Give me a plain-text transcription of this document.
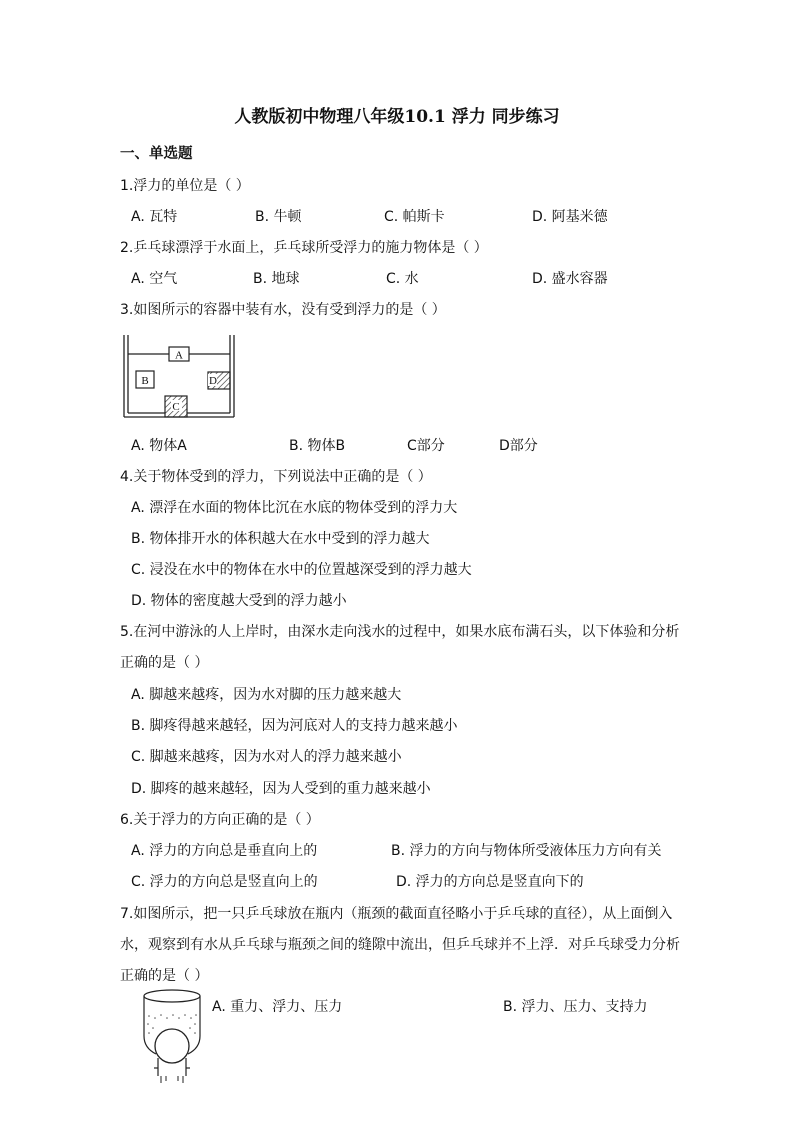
人教版初中物理八年级10.1 浮力 同步练习
一、单选题
1.浮力的单位是（ ）
A. 瓦特	B. 牛顿	C. 帕斯卡	D. 阿基米德
2.乒乓球漂浮于水面上，乒乓球所受浮力的施力物体是（ ）
A. 空气	B. 地球	C. 水	D. 盛水容器
3.如图所示的容器中装有水，没有受到浮力的是（ ）
A
B	D
C
A. 物体A	B. 物体B	C部分	D部分
4.关于物体受到的浮力，下列说法中正确的是（ ）
A. 漂浮在水面的物体比沉在水底的物体受到的浮力大
B. 物体排开水的体积越大在水中受到的浮力越大
C. 浸没在水中的物体在水中的位置越深受到的浮力越大
D. 物体的密度越大受到的浮力越小
5.在河中游泳的人上岸时，由深水走向浅水的过程中，如果水底布满石头，以下体验和分析
正确的是（ ）
A. 脚越来越疼，因为水对脚的压力越来越大
B. 脚疼得越来越轻，因为河底对人的支持力越来越小
C. 脚越来越疼，因为水对人的浮力越来越小
D. 脚疼的越来越轻，因为人受到的重力越来越小
6.关于浮力的方向正确的是（ ）
A. 浮力的方向总是垂直向上的	B. 浮力的方向与物体所受液体压力方向有关
C. 浮力的方向总是竖直向上的	D. 浮力的方向总是竖直向下的
7.如图所示，把一只乒乓球放在瓶内（瓶颈的截面直径略小于乒乓球的直径），从上面倒入
水，观察到有水从乒乓球与瓶颈之间的缝隙中流出，但乒乓球并不上浮．对乒乓球受力分析
正确的是（ ）
A. 重力、浮力、压力	B. 浮力、压力、支持力
